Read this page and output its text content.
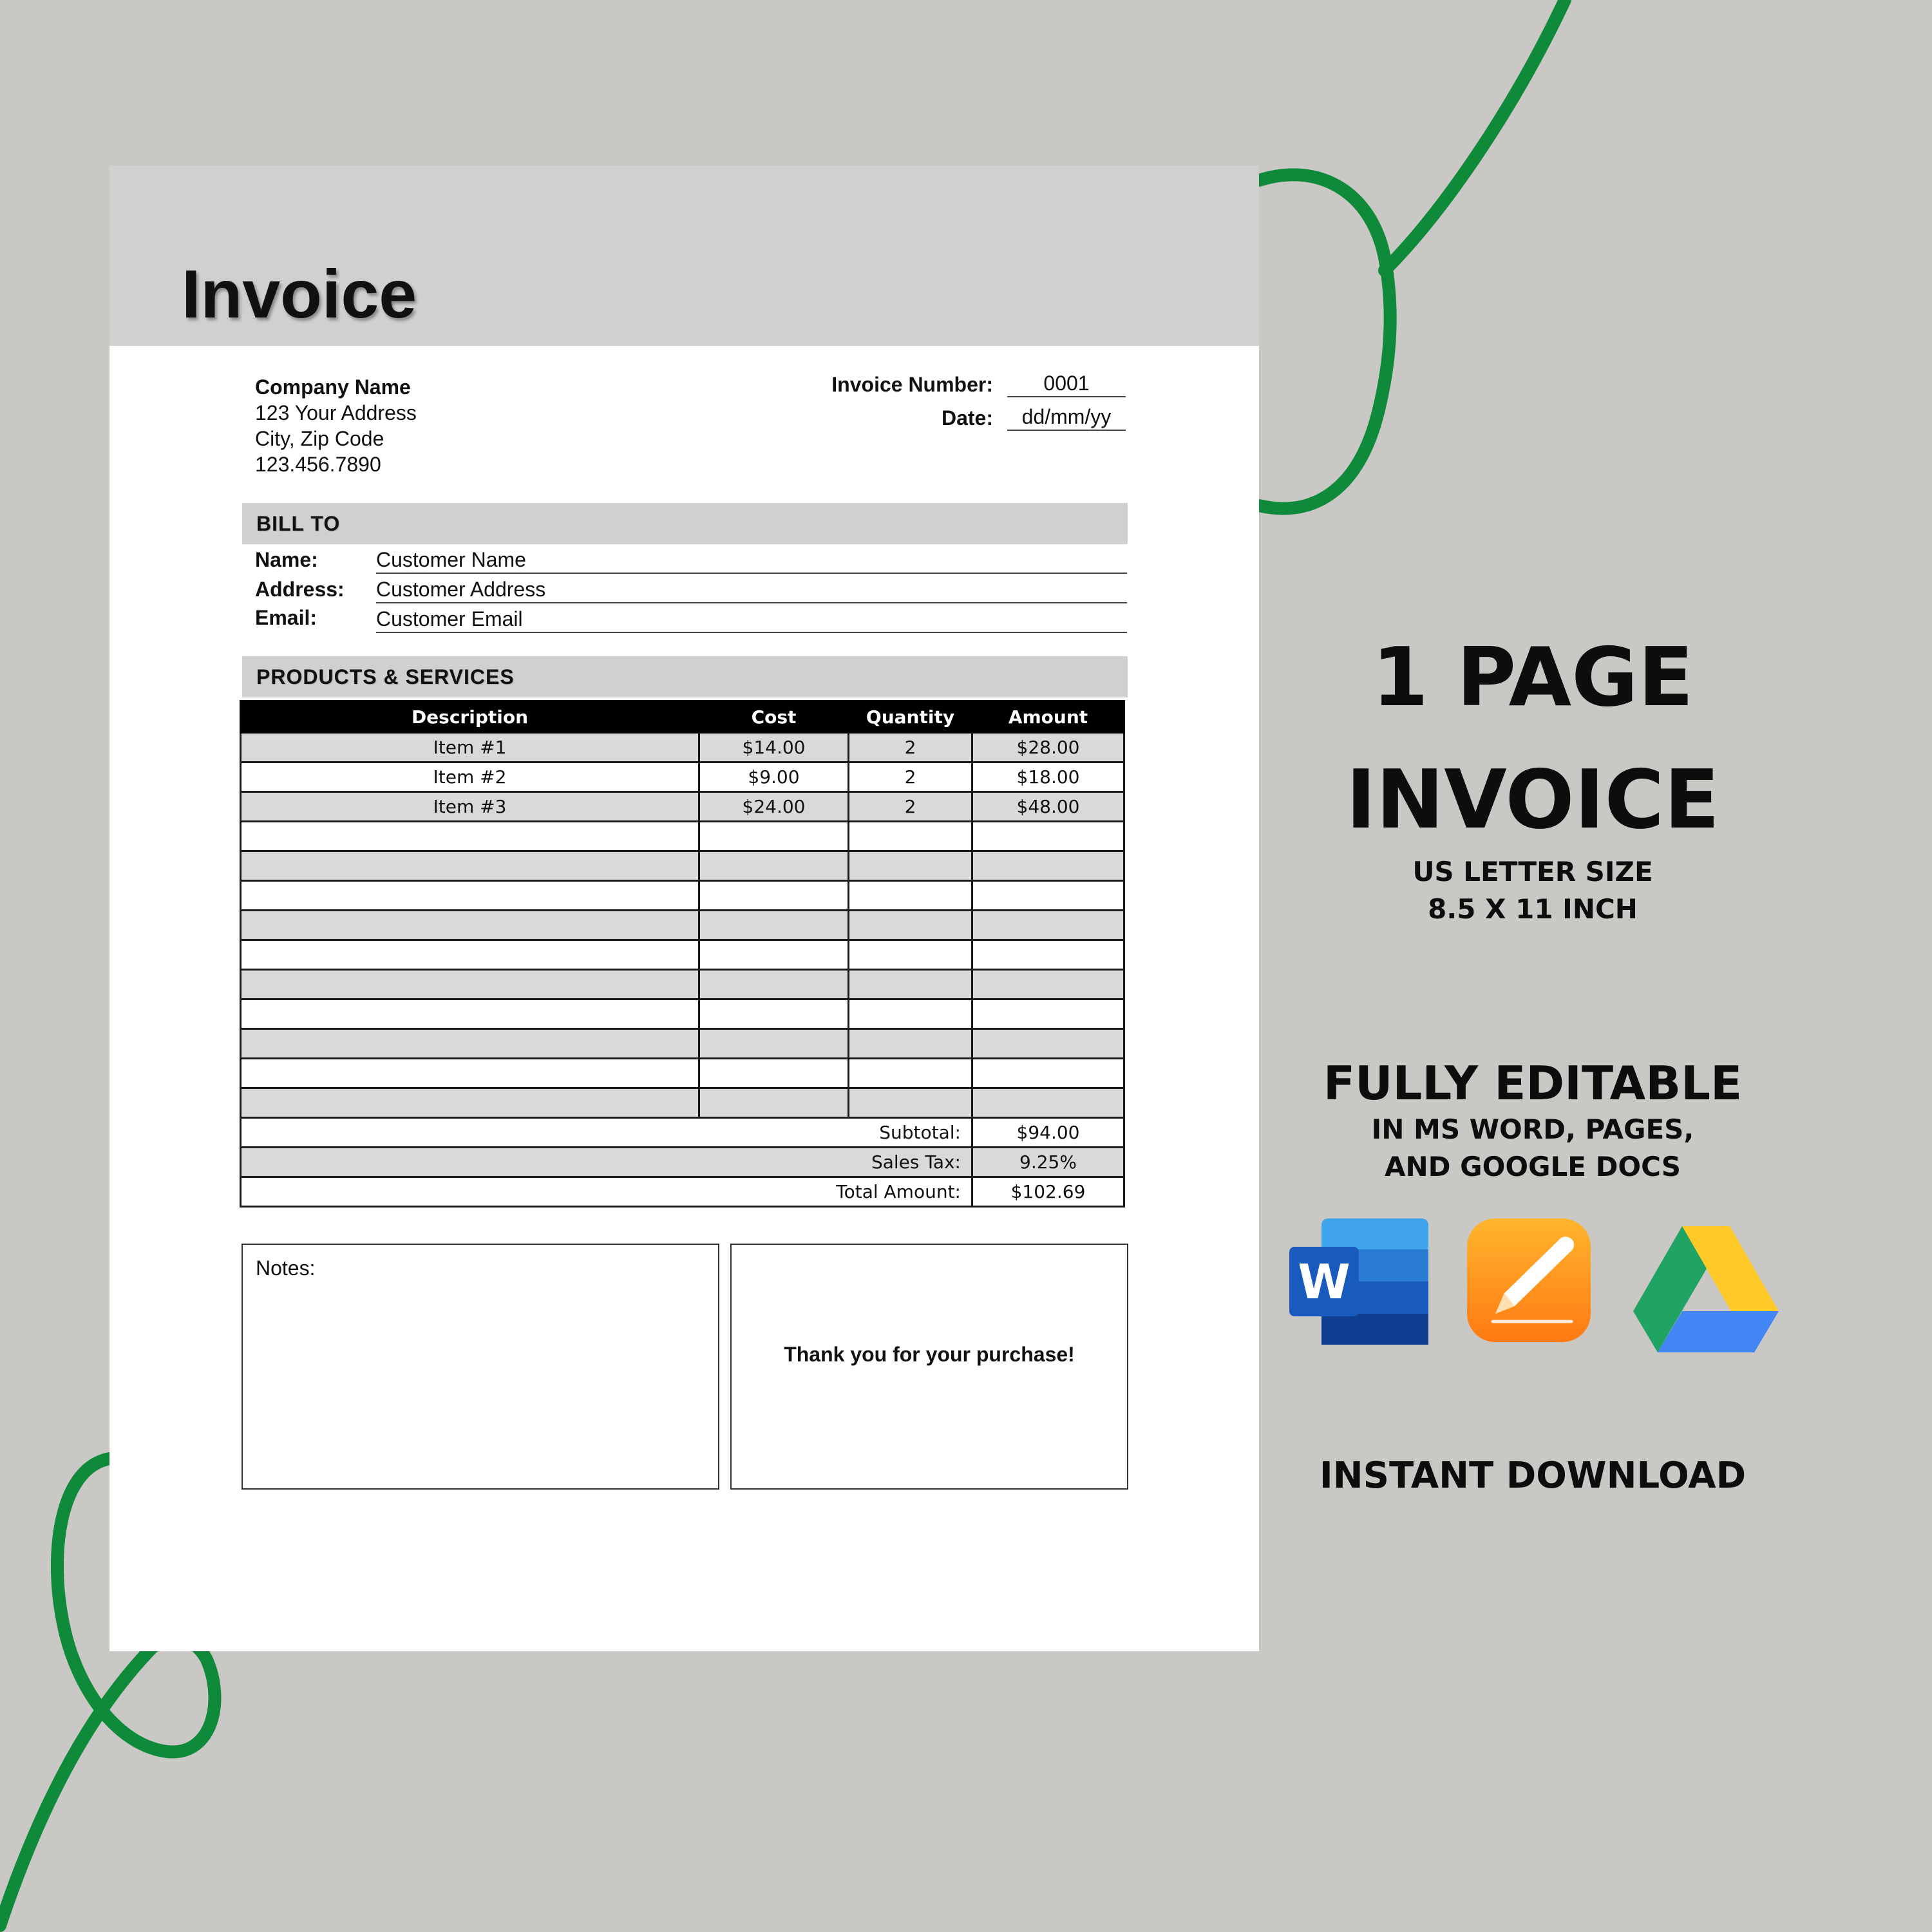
Invoice
Company Name
123 Your Address
City, Zip Code
123.456.7890
Invoice Number:	0001
Date:	dd/mm/yy
BILL TO
Name:	Customer Name
Address: Customer Address
Email:	Customer Email
PRODUCTS & SERVICES
Description	Cost	Quantity	Amount
Item #1	$14.00	2	$28.00
Item #2	$9.00	2	$18.00
Item #3	$24.00	2	$48.00

Subtotal:			$94.00
Sales Tax:			9.25%
Total Amount:			$102.69
Notes:
Thank you for your purchase!
1 PAGE
INVOICE
US LETTER SIZE
8.5 X 11 INCH
FULLY EDITABLE
IN MS WORD, PAGES,
AND GOOGLE DOCS
INSTANT DOWNLOAD
W
